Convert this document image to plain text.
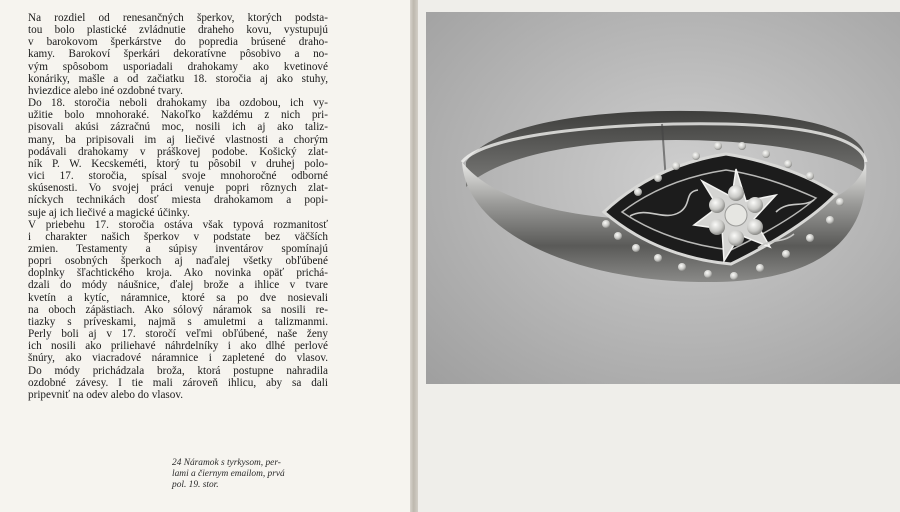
Na rozdiel od renesančných šperkov, ktorých podsta-
tou bolo plastické zvládnutie draheho kovu, vystupujú
v barokovom šperkárstve do popredia brúsené draho-
kamy. Barokoví šperkári dekoratívne pôsobivo a no-
vým spôsobom usporiadali drahokamy ako kvetinové
konáriky, mašle a od začiatku 18. storočia aj ako stuhy,
hviezdice alebo iné ozdobné tvary.
Do 18. storočia neboli drahokamy iba ozdobou, ich vy-
užitie bolo mnohoraké. Nakoľko každému z nich pri-
pisovali akúsi zázračnú moc, nosili ich aj ako taliz-
many, ba pripisovali im aj liečivé vlastnosti a chorým
podávali drahokamy v práškovej podobe. Košický zlat-
ník P. W. Kecskeméti, ktorý tu pôsobil v druhej polo-
vici 17. storočia, spísal svoje mnohoročné odborné
skúsenosti. Vo svojej práci venuje popri rôznych zlat-
níckych technikách dosť miesta drahokamom a popi-
suje aj ich liečivé a magické účinky.
V priebehu 17. storočia ostáva však typová rozmanitosť
i charakter našich šperkov v podstate bez väčších
zmien. Testamenty a súpisy inventárov spomínajú
popri osobných šperkoch aj naďalej všetky obľúbené
doplnky šľachtického kroja. Ako novinka opäť prichá-
dzali do módy náušnice, ďalej brože a ihlice v tvare
kvetín a kytíc, náramnice, ktoré sa po dve nosievali
na oboch zápästiach. Ako sólový náramok sa nosili re-
tiazky s príveskami, najmä s amuletmi a talizmanmi.
Perly boli aj v 17. storočí veľmi obľúbené, naše ženy
ich nosili ako priliehavé náhrdelníky i ako dlhé perlové
šnúry, ako viacradové náramnice i zapletené do vlasov.
Do módy prichádzala broža, ktorá postupne nahradila
ozdobné závesy. I tie mali zároveň ihlicu, aby sa dali
pripevniť na odev alebo do vlasov.
24 Náramok s tyrkysom, per-
lami a čiernym emailom, prvá
pol. 19. stor.
